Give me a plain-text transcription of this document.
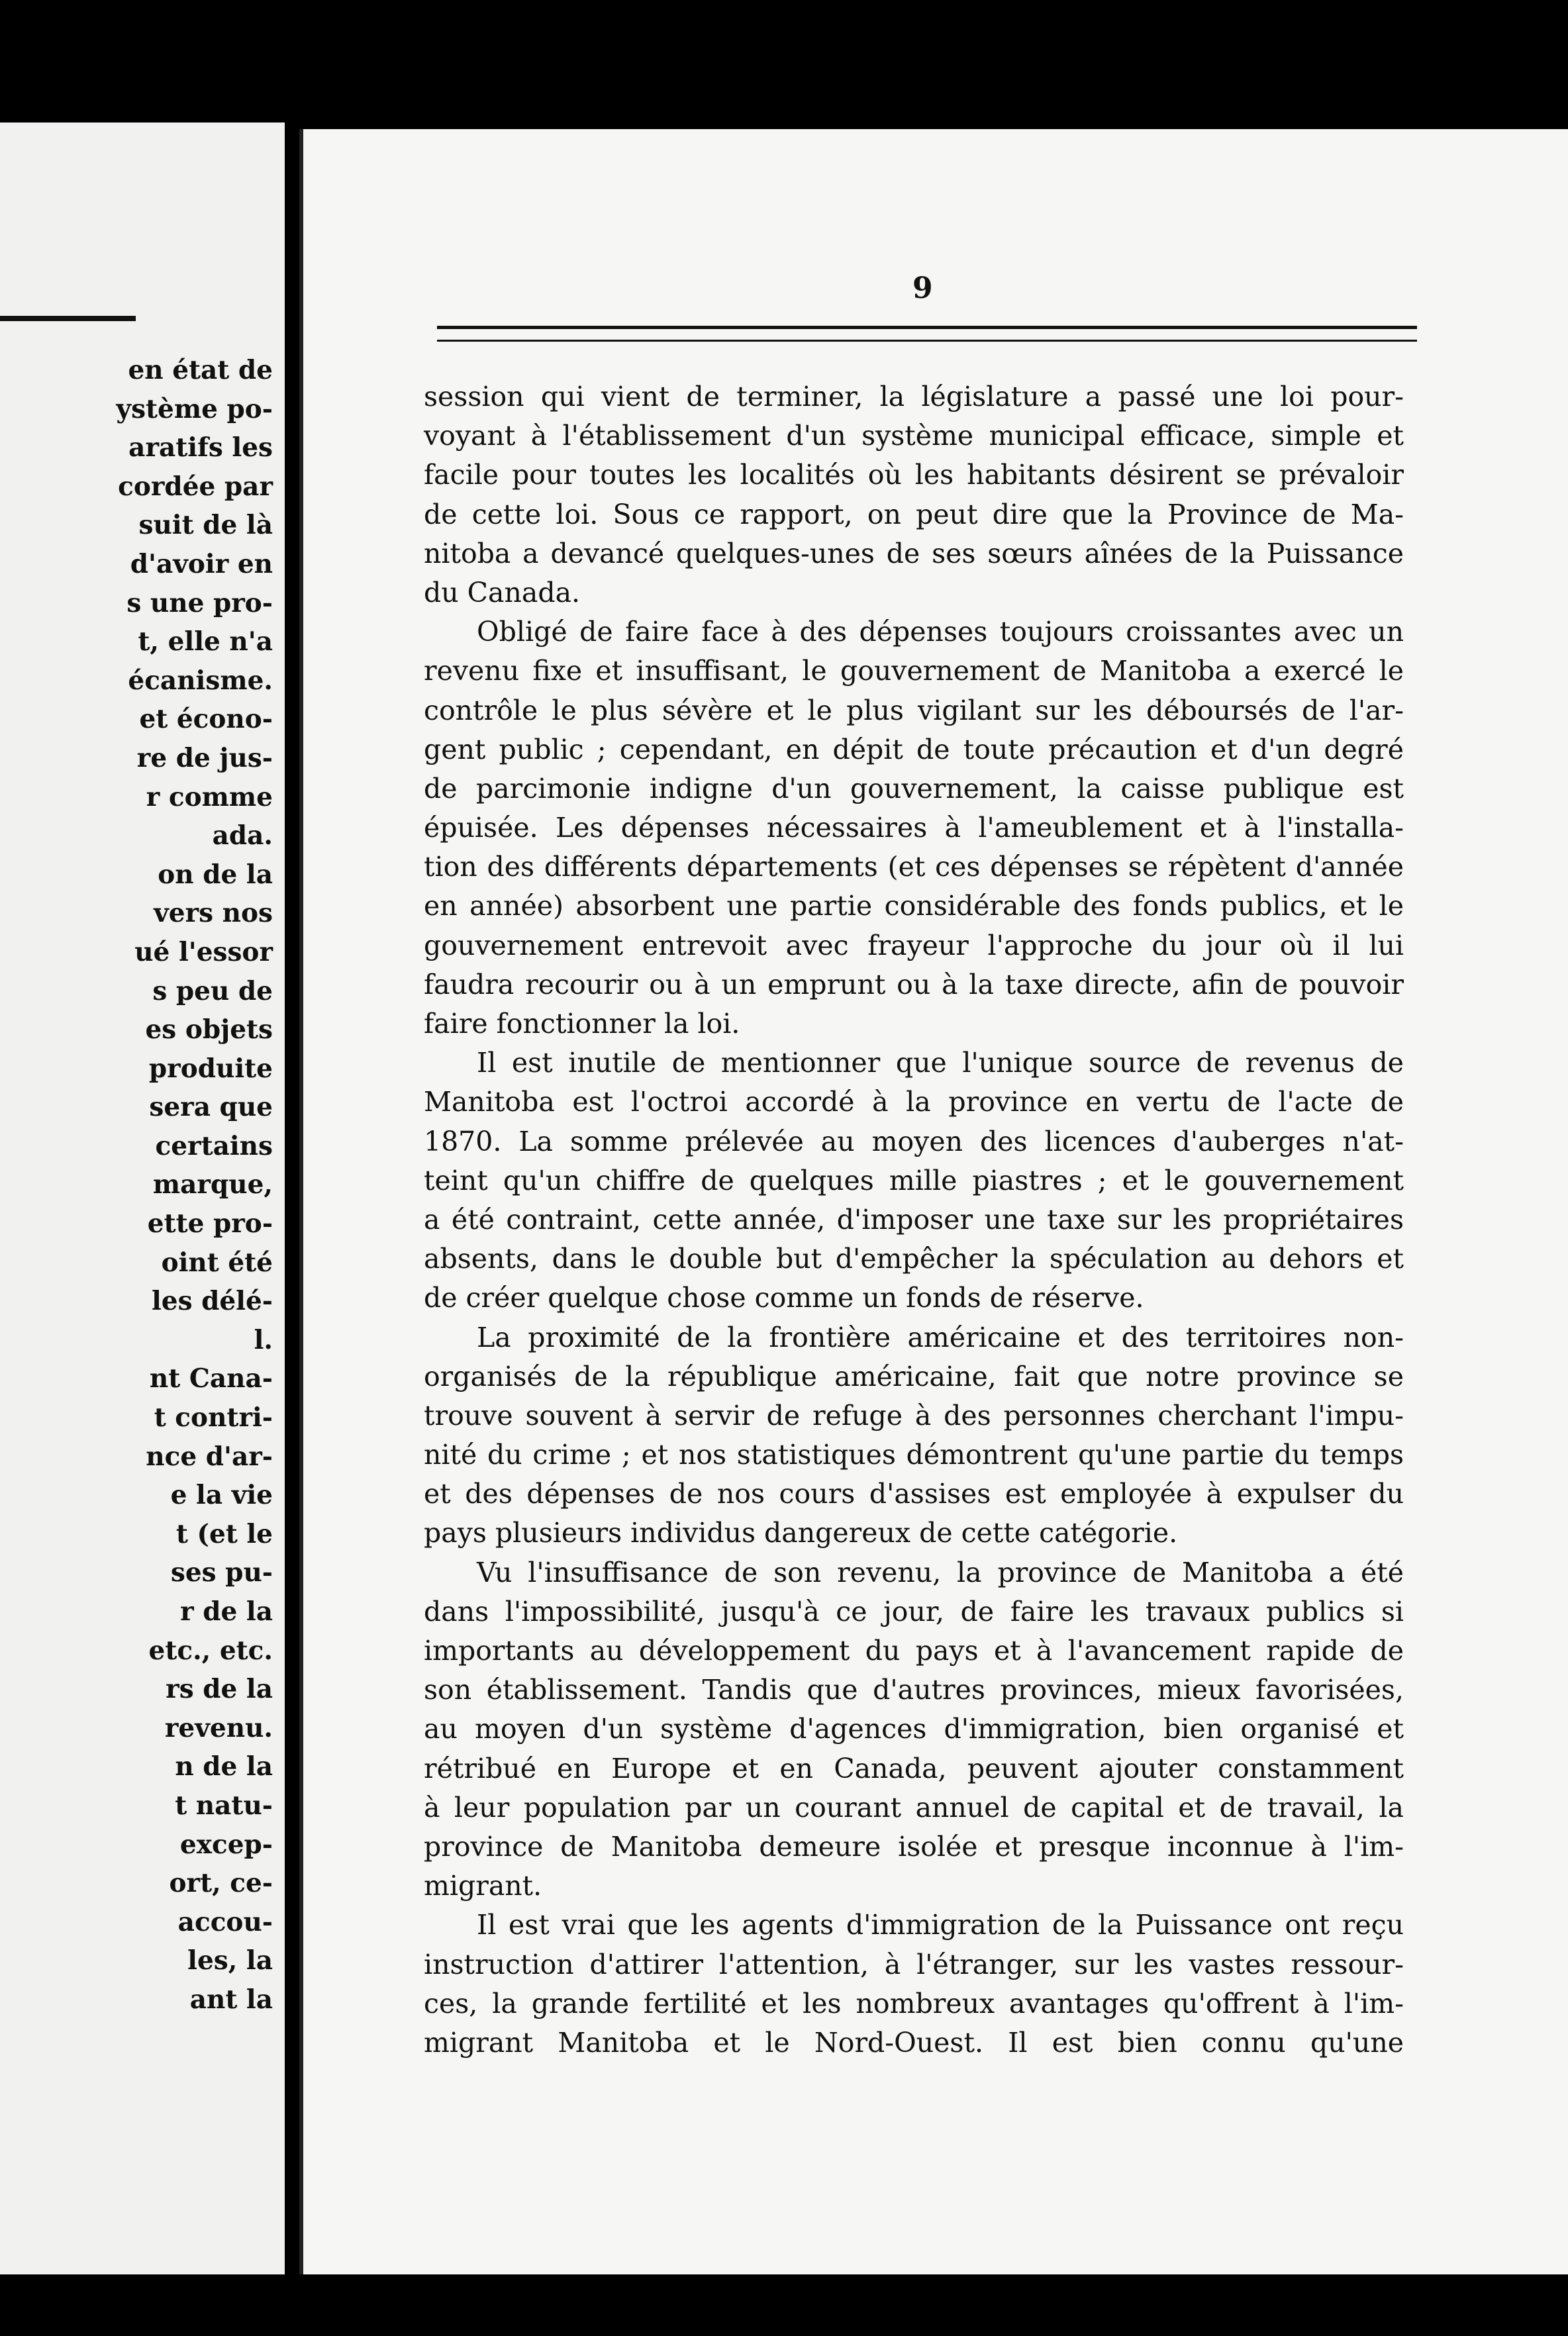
en état de
ystème po-
aratifs les
cordée par
suit de là
d'avoir en
s une pro-
t, elle n'a
écanisme.
et écono-
re de jus-
r comme
ada.
on de la
vers nos
ué l'essor
s peu de
es objets
produite
sera que
certains
marque,
ette pro-
oint été
les délé-
l.
nt Cana-
t contri-
nce d'ar-
e la vie
t (et le
ses pu-
r de la
etc., etc.
rs de la
revenu.
n de la
t natu-
excep-
ort, ce-
accou-
les, la
ant la
9
session qui vient de terminer, la législature a passé une loi pour-
voyant à l'établissement d'un système municipal efficace, simple et
facile pour toutes les localités où les habitants désirent se prévaloir
de cette loi. Sous ce rapport, on peut dire que la Province de Ma-
nitoba a devancé quelques-unes de ses sœurs aînées de la Puissance
du Canada.
Obligé de faire face à des dépenses toujours croissantes avec un
revenu fixe et insuffisant, le gouvernement de Manitoba a exercé le
contrôle le plus sévère et le plus vigilant sur les déboursés de l'ar-
gent public ; cependant, en dépit de toute précaution et d'un degré
de parcimonie indigne d'un gouvernement, la caisse publique est
épuisée. Les dépenses nécessaires à l'ameublement et à l'installa-
tion des différents départements (et ces dépenses se répètent d'année
en année) absorbent une partie considérable des fonds publics, et le
gouvernement entrevoit avec frayeur l'approche du jour où il lui
faudra recourir ou à un emprunt ou à la taxe directe, afin de pouvoir
faire fonctionner la loi.
Il est inutile de mentionner que l'unique source de revenus de
Manitoba est l'octroi accordé à la province en vertu de l'acte de
1870. La somme prélevée au moyen des licences d'auberges n'at-
teint qu'un chiffre de quelques mille piastres ; et le gouvernement
a été contraint, cette année, d'imposer une taxe sur les propriétaires
absents, dans le double but d'empêcher la spéculation au dehors et
de créer quelque chose comme un fonds de réserve.
La proximité de la frontière américaine et des territoires non-
organisés de la république américaine, fait que notre province se
trouve souvent à servir de refuge à des personnes cherchant l'impu-
nité du crime ; et nos statistiques démontrent qu'une partie du temps
et des dépenses de nos cours d'assises est employée à expulser du
pays plusieurs individus dangereux de cette catégorie.
Vu l'insuffisance de son revenu, la province de Manitoba a été
dans l'impossibilité, jusqu'à ce jour, de faire les travaux publics si
importants au développement du pays et à l'avancement rapide de
son établissement. Tandis que d'autres provinces, mieux favorisées,
au moyen d'un système d'agences d'immigration, bien organisé et
rétribué en Europe et en Canada, peuvent ajouter constamment
à leur population par un courant annuel de capital et de travail, la
province de Manitoba demeure isolée et presque inconnue à l'im-
migrant.
Il est vrai que les agents d'immigration de la Puissance ont reçu
instruction d'attirer l'attention, à l'étranger, sur les vastes ressour-
ces, la grande fertilité et les nombreux avantages qu'offrent à l'im-
migrant Manitoba et le Nord-Ouest. Il est bien connu qu'une
